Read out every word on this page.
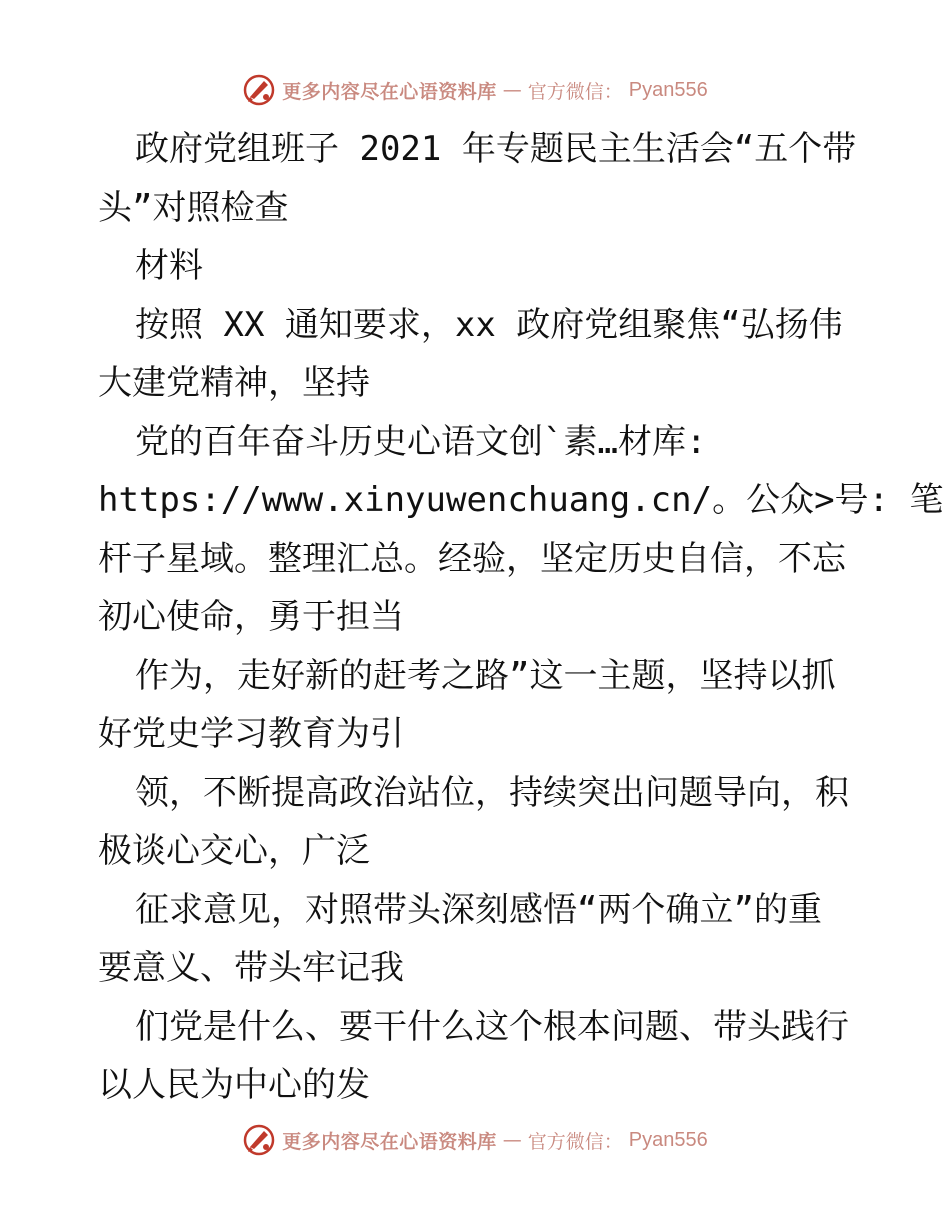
更多内容尽在心语资料库 — 官方微信： Pyan556
政府党组班子 2021 年专题民主生活会“五个带
头”对照检查
材料
按照 XX 通知要求，xx 政府党组聚焦“弘扬伟
大建党精神，坚持
党的百年奋斗历史心语文创`素…材库:
https://www.xinyuwenchuang.cn/。公众>号: 笔
杆子星域。整理汇总。经验，坚定历史自信，不忘
初心使命，勇于担当
作为，走好新的赶考之路”这一主题，坚持以抓
好党史学习教育为引
领，不断提高政治站位，持续突出问题导向，积
极谈心交心，广泛
征求意见，对照带头深刻感悟“两个确立”的重
要意义、带头牢记我
们党是什么、要干什么这个根本问题、带头践行
以人民为中心的发
更多内容尽在心语资料库 — 官方微信： Pyan556
